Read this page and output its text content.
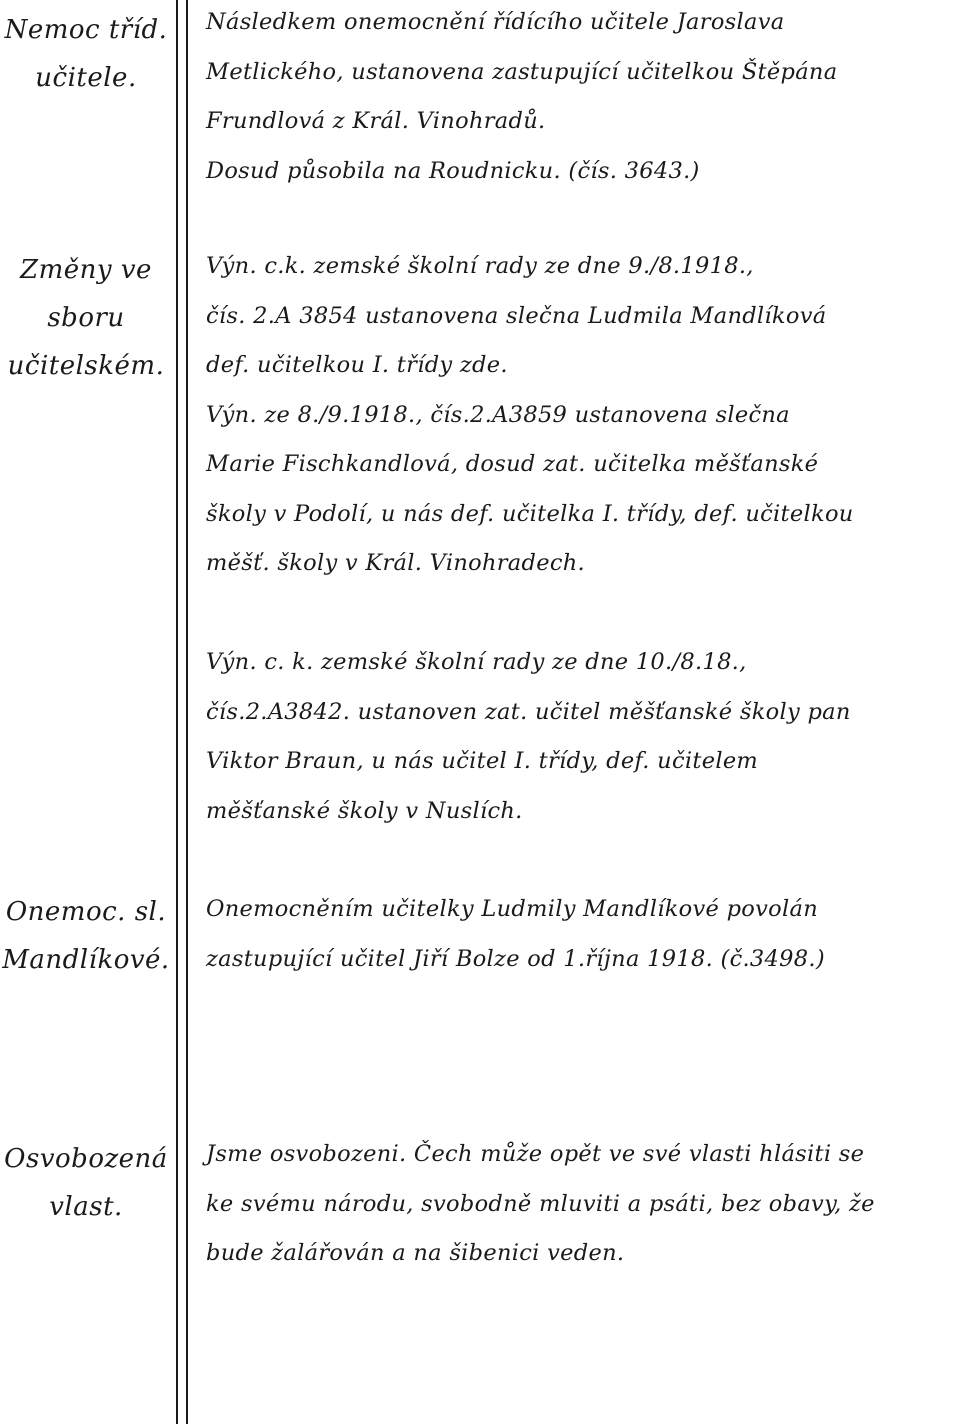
Nemoc tříd.
učitele.
Následkem onemocnění řídícího učitele Jaroslava
Metlického, ustanovena zastupující učitelkou Štěpána
Frundlová z Král. Vinohradů.
Dosud působila na Roudnicku. (čís. 3643.)
Změny ve
sboru
učitelském.
Výn. c.k. zemské školní rady ze dne 9./8.1918.,
čís. 2.A 3854 ustanovena slečna Ludmila Mandlíková
def. učitelkou I. třídy zde.
Výn. ze 8./9.1918., čís.2.A3859 ustanovena slečna
Marie Fischkandlová, dosud zat. učitelka měšťanské
školy v Podolí, u nás def. učitelka I. třídy, def. učitelkou
měšť. školy v Král. Vinohradech.
Výn. c. k. zemské školní rady ze dne 10./8.18.,
čís.2.A3842. ustanoven zat. učitel měšťanské školy pan
Viktor Braun, u nás učitel I. třídy, def. učitelem
měšťanské školy v Nuslích.
Onemoc. sl.
Mandlíkové.
Onemocněním učitelky Ludmily Mandlíkové povolán
zastupující učitel Jiří Bolze od 1.října 1918. (č.3498.)
Osvobozená
vlast.
Jsme osvobozeni. Čech může opět ve své vlasti hlásiti se
ke svému národu, svobodně mluviti a psáti, bez obavy, že
bude žalářován a na šibenici veden.
